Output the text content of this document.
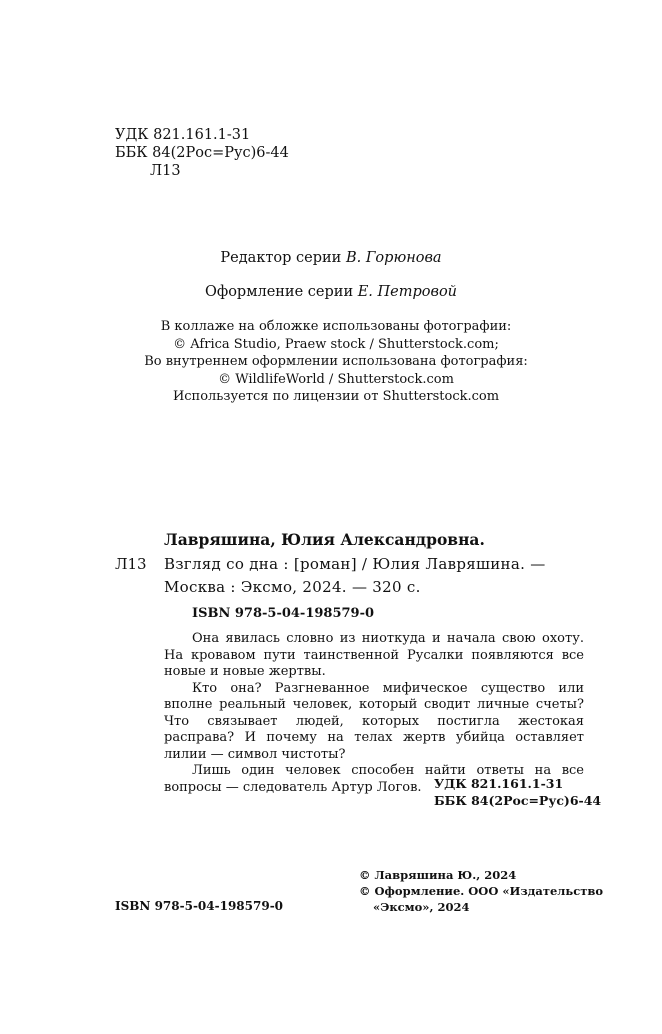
УДК 821.161.1-31
ББК 84(2Рос=Рус)6-44
Л13
Редактор серии В. Горюнова
Оформление серии Е. Петровой
В коллаже на обложке использованы фотографии:
© Africa Studio, Praew stock / Shutterstock.com;
Во внутреннем оформлении использована фотография:
© WildlifeWorld / Shutterstock.com
Используется по лицензии от Shutterstock.com
Лавряшина, Юлия Александровна.
Л13 Взгляд со дна : [роман] / Юлия Лавряшина. —
Москва : Эксмо, 2024. — 320 с.
ISBN 978-5-04-198579-0

Она явилась словно из ниоткуда и начала свою охоту. На кровавом пути таинственной Русалки появляются все новые и новые жертвы.

Кто она? Разгневанное мифическое существо или вполне реальный человек, который сводит личные счеты? Что связывает людей, которых постигла жестокая расправа? И почему на телах жертв убийца оставляет лилии — символ чистоты?

Лишь один человек способен найти ответы на все вопросы — следователь Артур Логов. УДК 821.161.1-31
ББК 84(2Рос=Рус)6-44
ISBN 978-5-04-198579-0
© Лавряшина Ю., 2024
© Оформление. ООО «Издательство
«Эксмо», 2024
